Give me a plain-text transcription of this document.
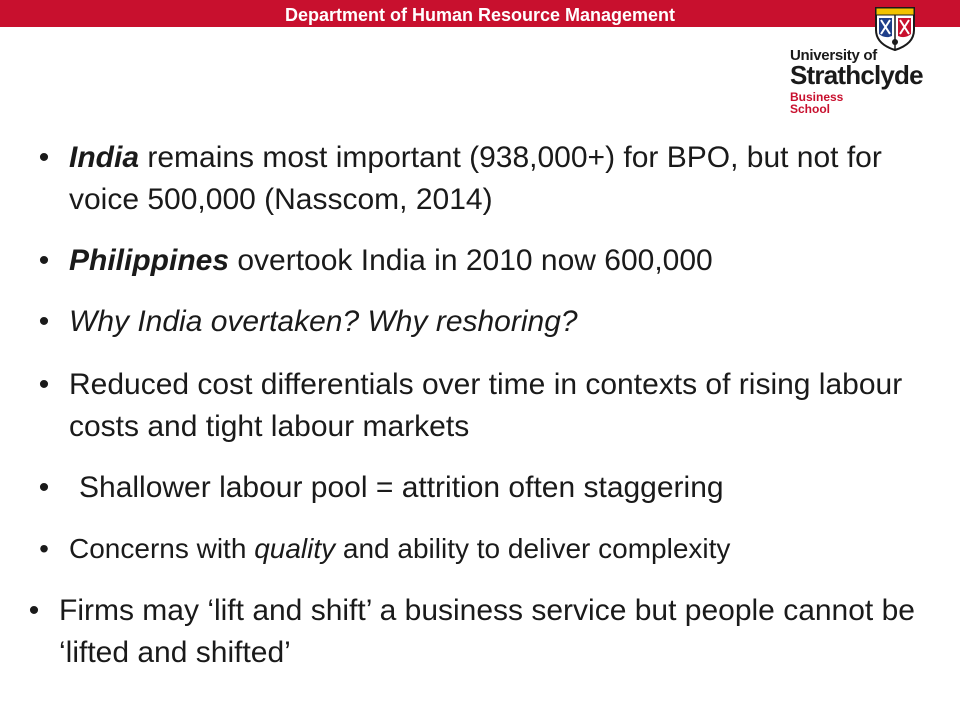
Department of Human Resource Management
University of
Strathclyde
Business
School
• India remains most important (938,000+) for BPO, but not for voice 500,000 (Nasscom, 2014)
• Philippines overtook India in 2010 now 600,000
• Why India overtaken? Why reshoring?
• Reduced cost differentials over time in contexts of rising labour costs and tight labour markets
• Shallower labour pool = attrition often staggering
• Concerns with quality and ability to deliver complexity
• Firms may ‘lift and shift’ a business service but people cannot be ‘lifted and shifted’
